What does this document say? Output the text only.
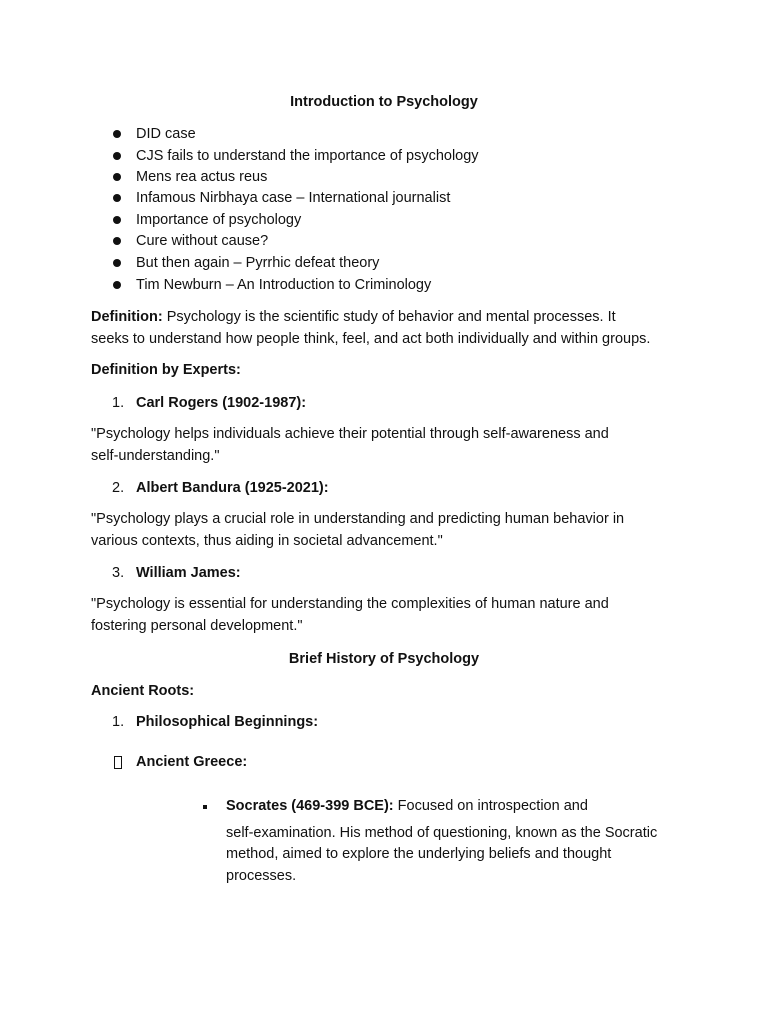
Introduction to Psychology
DID case
CJS fails to understand the importance of psychology
Mens rea actus reus
Infamous Nirbhaya case – International journalist
Importance of psychology
Cure without cause?
But then again – Pyrrhic defeat theory
Tim Newburn – An Introduction to Criminology
Definition: Psychology is the scientific study of behavior and mental processes. It
seeks to understand how people think, feel, and act both individually and within groups.
Definition by Experts:
1. Carl Rogers (1902-1987):
"Psychology helps individuals achieve their potential through self-awareness and
self-understanding."
2. Albert Bandura (1925-2021):
"Psychology plays a crucial role in understanding and predicting human behavior in
various contexts, thus aiding in societal advancement."
3. William James:
"Psychology is essential for understanding the complexities of human nature and
fostering personal development."
Brief History of Psychology
Ancient Roots:
1. Philosophical Beginnings:
Ancient Greece:
Socrates (469-399 BCE): Focused on introspection and
self-examination. His method of questioning, known as the Socratic
method, aimed to explore the underlying beliefs and thought
processes.
